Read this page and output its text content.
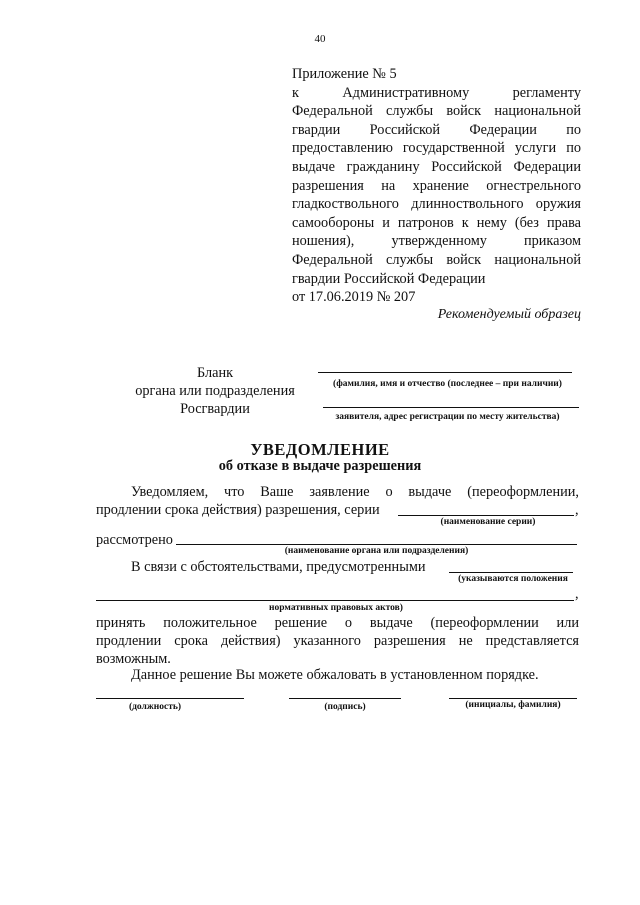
40
Приложение № 5
к Административному регламенту Федеральной службы войск национальной гвардии Российской Федерации по предоставлению государственной услуги по выдаче гражданину Российской Федерации разрешения на хранение огнестрельного гладкоствольного длинноствольного оружия самообороны и патронов к нему (без права ношения), утвержденному приказом Федеральной службы войск национальной гвардии Российской Федерации
от 17.06.2019 № 207
Рекомендуемый образец
Бланк
органа или подразделения
Росгвардии
(фамилия, имя и отчество (последнее – при наличии)
заявителя, адрес регистрации по месту жительства)
УВЕДОМЛЕНИЕ
об отказе в выдаче разрешения
Уведомляем, что Ваше заявление о выдаче (переоформлении,
продлении срока действия) разрешения, серии	,
(наименование серии)
рассмотрено
(наименование органа или подразделения)
В связи с обстоятельствами, предусмотренными
(указываются положения
,
нормативных правовых актов)
принять положительное решение о выдаче (переоформлении или
продлении срока действия) указанного разрешения не представляется
возможным.
Данное решение Вы можете обжаловать в установленном порядке.
(должность)	(подпись)	(инициалы, фамилия)
